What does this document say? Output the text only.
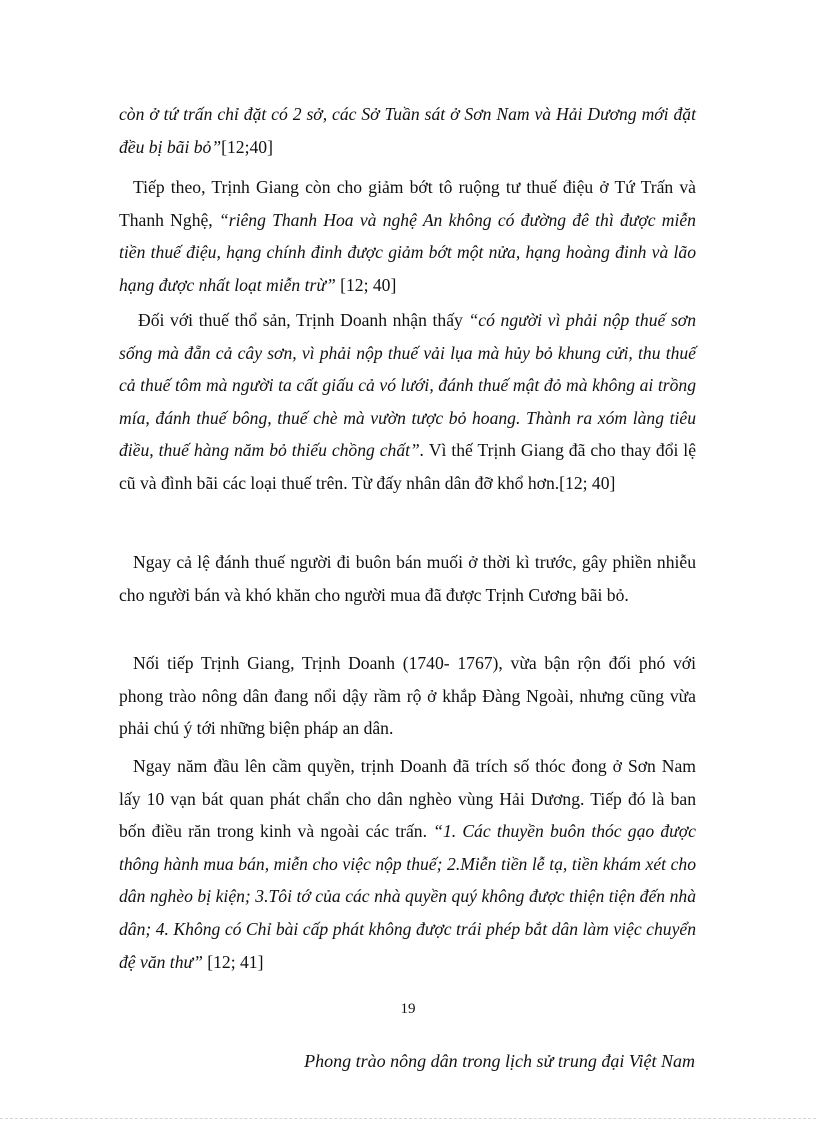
còn ở tứ trấn chỉ đặt có 2 sở, các Sở Tuần sát ở Sơn Nam và Hải Dương mới đặt đều bị bãi bỏ”[12;40]

Tiếp theo, Trịnh Giang còn cho giảm bớt tô ruộng tư thuế điệu ở Tứ Trấn và Thanh Nghệ, “riêng Thanh Hoa và nghệ An không có đường đê thì được miễn tiền thuế điệu, hạng chính đinh được giảm bớt một nửa, hạng hoàng đinh và lão hạng được nhất loạt miễn trừ” [12; 40]

Đối với thuế thổ sản, Trịnh Doanh nhận thấy “có người vì phải nộp thuế sơn sống mà đẵn cả cây sơn, vì phải nộp thuế vải lụa mà hủy bỏ khung cửi, thu thuế cả thuế tôm mà người ta cất giấu cả vó lưới, đánh thuế mật đỏ mà không ai trồng mía, đánh thuế bông, thuế chè mà vườn tược bỏ hoang. Thành ra xóm làng tiêu điều, thuế hàng năm bỏ thiếu chồng chất”. Vì thế Trịnh Giang đã cho thay đổi lệ cũ và đình bãi các loại thuế trên. Từ đấy nhân dân đỡ khổ hơn.[12; 40]

Ngay cả lệ đánh thuế người đi buôn bán muối ở thời kì trước, gây phiền nhiễu cho người bán và khó khăn cho người mua đã được Trịnh Cương bãi bỏ.

Nối tiếp Trịnh Giang, Trịnh Doanh (1740- 1767), vừa bận rộn đối phó với phong trào nông dân đang nổi dậy rầm rộ ở khắp Đàng Ngoài, nhưng cũng vừa phải chú ý tới những biện pháp an dân.

Ngay năm đầu lên cầm quyền, trịnh Doanh đã trích số thóc đong ở Sơn Nam lấy 10 vạn bát quan phát chẩn cho dân nghèo vùng Hải Dương. Tiếp đó là ban bốn điều răn trong kinh và ngoài các trấn. “1. Các thuyền buôn thóc gạo được thông hành mua bán, miễn cho việc nộp thuế; 2.Miễn tiền lễ tạ, tiền khám xét cho dân nghèo bị kiện; 3.Tôi tớ của các nhà quyền quý không được thiện tiện đến nhà dân; 4. Không có Chỉ bài cấp phát không được trái phép bắt dân làm việc chuyển đệ văn thư” [12; 41]

19
Phong trào nông dân trong lịch sử trung đại Việt Nam
